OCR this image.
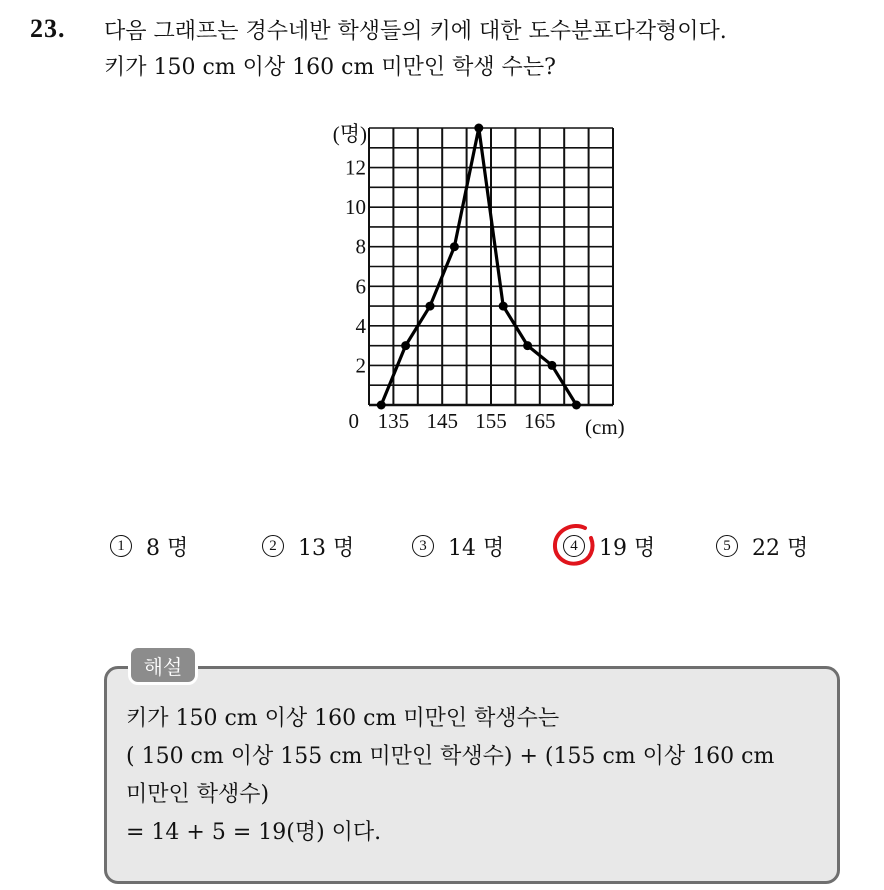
23. 다음 그래프는 경수네반 학생들의 키에 대한 도수분포다각형이다.
키가 150 cm 이상 160 cm 미만인 학생 수는?
2
4
6
8
10
12
0 135 145 155 165
(명)
(cm)
1 8 명	2 13 명	3 14 명	4 19 명	5 22 명
해설
키가 150 cm 이상 160 cm 미만인 학생수는
( 150 cm 이상 155 cm 미만인 학생수) + (155 cm 이상 160 cm
미만인 학생수)
= 14 + 5 = 19(명) 이다.
